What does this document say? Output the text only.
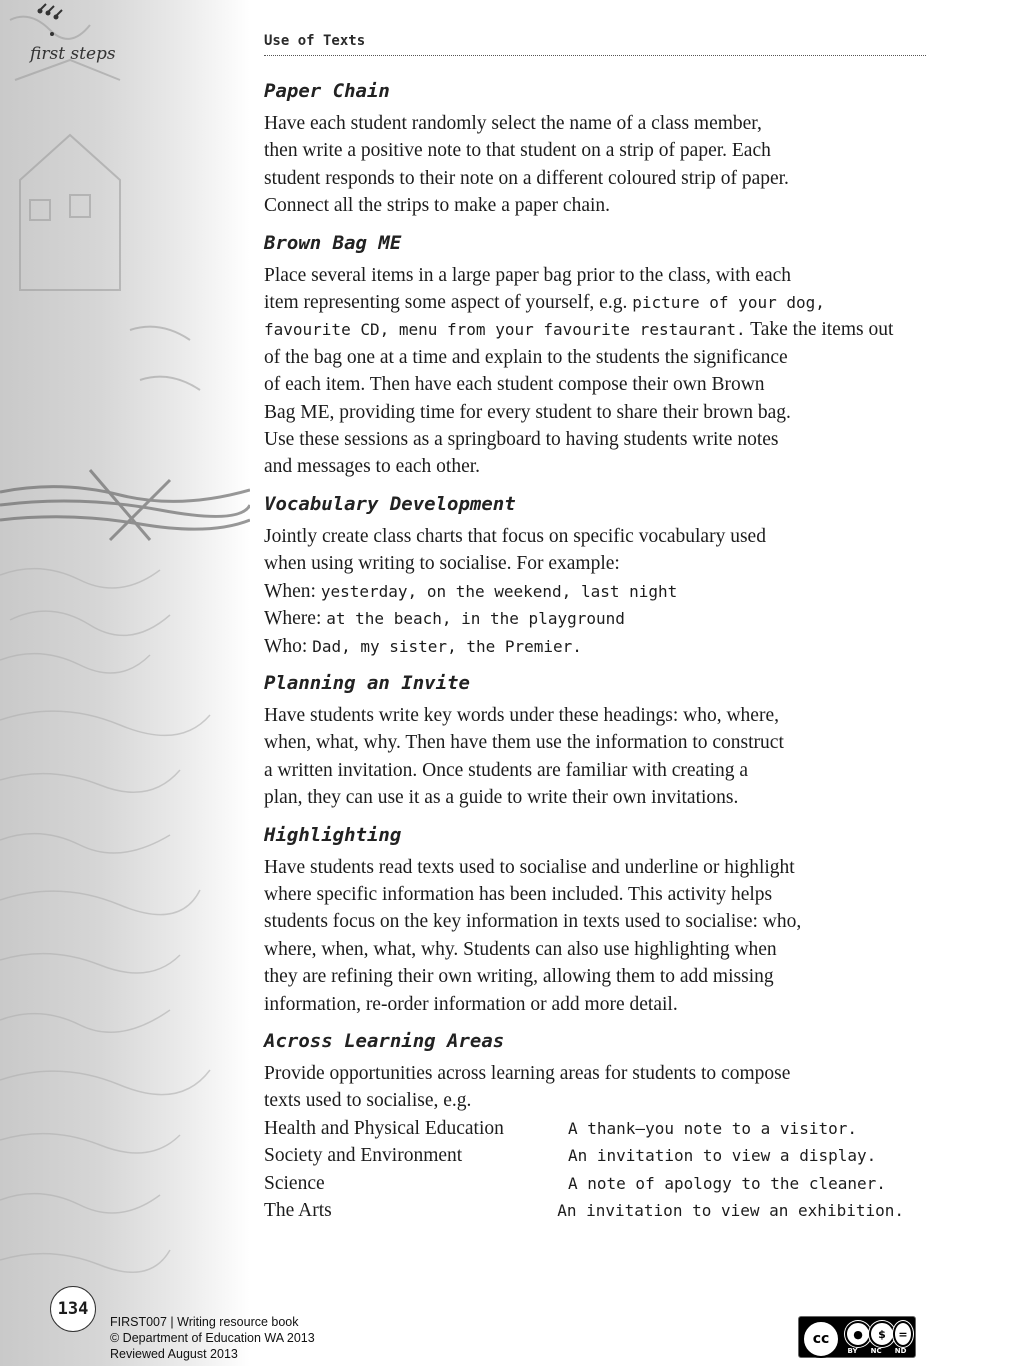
first steps
Use of Texts
Paper Chain
Have each student randomly select the name of a class member,
then write a positive note to that student on a strip of paper. Each
student responds to their note on a different coloured strip of paper.
Connect all the strips to make a paper chain.
Brown Bag ME
Place several items in a large paper bag prior to the class, with each
item representing some aspect of yourself, e.g. picture of your dog,
favourite CD, menu from your favourite restaurant. Take the items out
of the bag one at a time and explain to the students the significance
of each item. Then have each student compose their own Brown
Bag ME, providing time for every student to share their brown bag.
Use these sessions as a springboard to having students write notes
and messages to each other.
Vocabulary Development
Jointly create class charts that focus on specific vocabulary used
when using writing to socialise. For example:
When: yesterday, on the weekend, last night
Where: at the beach, in the playground
Who: Dad, my sister, the Premier.
Planning an Invite
Have students write key words under these headings: who, where,
when, what, why. Then have them use the information to construct
a written invitation. Once students are familiar with creating a
plan, they can use it as a guide to write their own invitations.
Highlighting
Have students read texts used to socialise and underline or highlight
where specific information has been included. This activity helps
students focus on the key information in texts used to socialise: who,
where, when, what, why. Students can also use highlighting when
they are refining their own writing, allowing them to add missing
information, re-order information or add more detail.
Across Learning Areas
Provide opportunities across learning areas for students to compose
texts used to socialise, e.g.
Health and Physical Education	A thank–you note to a visitor.
Society and Environment	An invitation to view a display.
Science	A note of apology to the cleaner.
The Arts	An invitation to view an exhibition.
134
FIRST007 | Writing resource book
© Department of Education WA 2013
Reviewed August 2013
cc	●	$	=
BY NC ND
